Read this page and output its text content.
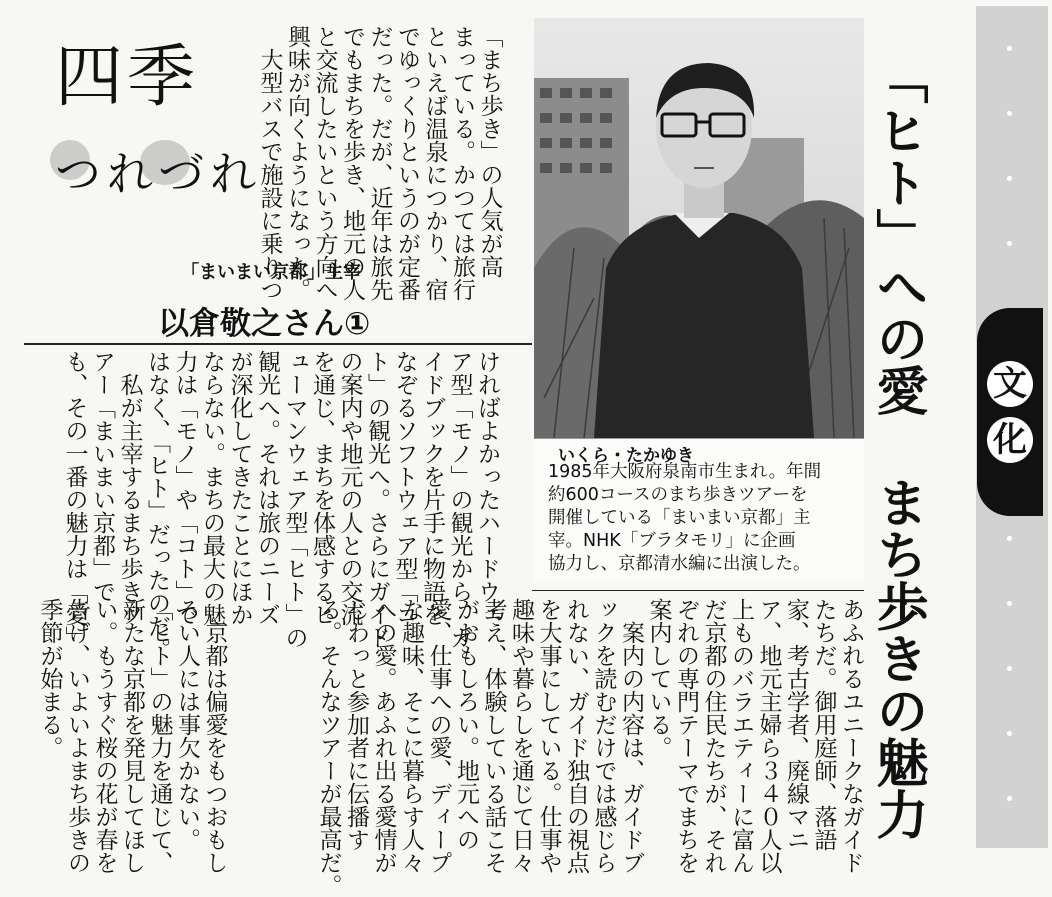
文
化

「ヒト」への愛 まち歩きの魅力

いくら・たかゆき
1985年大阪府泉南市生まれ。年間
約600コースのまち歩きツアーを
開催している「まいまい京都」主
宰。NHK「ブラタモリ」に企画
協力し、京都清水編に出演した。
四季
つれづれ
「まいまい京都」主宰
以倉敬之さん①

「まち歩き」の人気が高
まっている。かつては旅行
といえば温泉につかり、宿
でゆっくりというのが定番
だった。だが、近年は旅先
でもまちを歩き、地元の人
と交流したいという方向へ
興味が向くようになった。
　大型バスで施設に乗りつ

ければよかったハードウェ
ア型「モノ」の観光から、ガ
イドブックを片手に物語を
なぞるソフトウェア型「コ
ト」の観光へ。さらにガイド
の案内や地元の人との交流
を通じ、まちを体感するヒ
ューマンウェア型「ヒト」の
観光へ。それは旅のニーズ
が深化してきたことにほか
ならない。まちの最大の魅
力は「モノ」や「コト」で
はなく、「ヒト」だったのだ。
　私が主宰するまち歩きツ
アー「まいまい京都」で
も、その一番の魅力は「愛」

あふれるユニークなガイド
たちだ。御用庭師、落語
家、考古学者、廃線マニ
ア、地元主婦ら３４０人以
上ものバラエティーに富ん
だ京都の住民たちが、それ
ぞれの専門テーマでまちを
案内している。
　案内の内容は、ガイドブ
ックを読むだけでは感じら
れない、ガイド独自の視点
を大事にしている。仕事や
趣味や暮らしを通じて日々
考え、体験している話こそ
がおもしろい。地元への
愛、仕事への愛、ディープ
な趣味、そこに暮らす人々
への愛。あふれ出る愛情が
じわっと参加者に伝播す
る。そんなツアーが最高だ。

　京都は偏愛をもつおもし
ろい人には事欠かない。
「ヒト」の魅力を通じて、
新たな京都を発見してほし
い。もうすぐ桜の花が春を
告げ、いよいよまち歩きの
季節が始まる。
